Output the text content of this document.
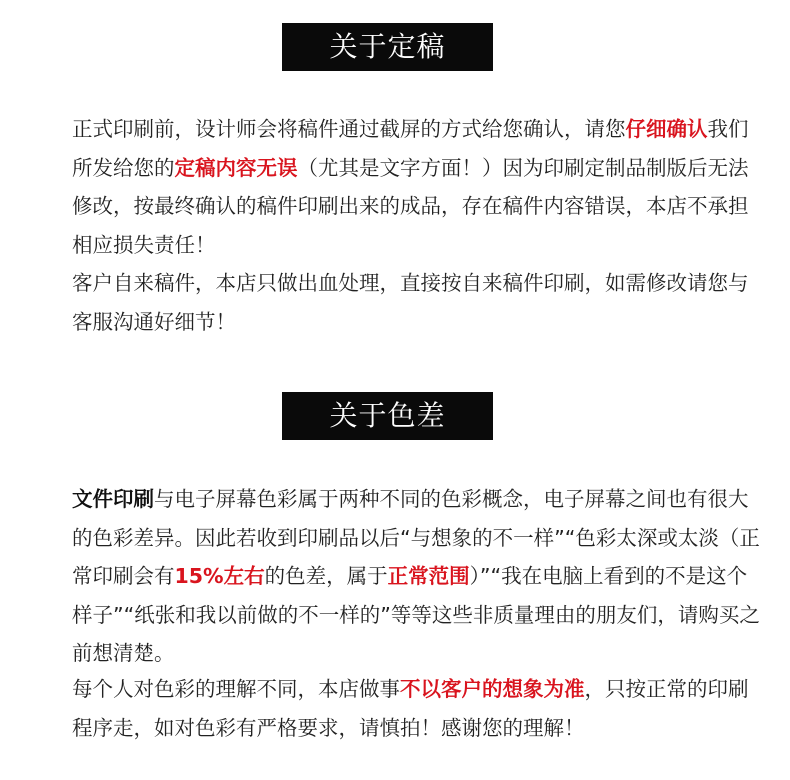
关于定稿

正式印刷前，设计师会将稿件通过截屏的方式给您确认，请您仔细确认我们所发给您的定稿内容无误（尤其是文字方面！）因为印刷定制品制版后无法修改，按最终确认的稿件印刷出来的成品，存在稿件内容错误，本店不承担相应损失责任！

客户自来稿件，本店只做出血处理，直接按自来稿件印刷，如需修改请您与客服沟通好细节！

关于色差

文件印刷与电子屏幕色彩属于两种不同的色彩概念，电子屏幕之间也有很大的色彩差异。因此若收到印刷品以后“与想象的不一样”“色彩太深或太淡（正常印刷会有15%左右的色差，属于正常范围）”“我在电脑上看到的不是这个样子”“纸张和我以前做的不一样的”等等这些非质量理由的朋友们，请购买之前想清楚。

每个人对色彩的理解不同，本店做事不以客户的想象为准，只按正常的印刷程序走，如对色彩有严格要求，请慎拍！感谢您的理解！
